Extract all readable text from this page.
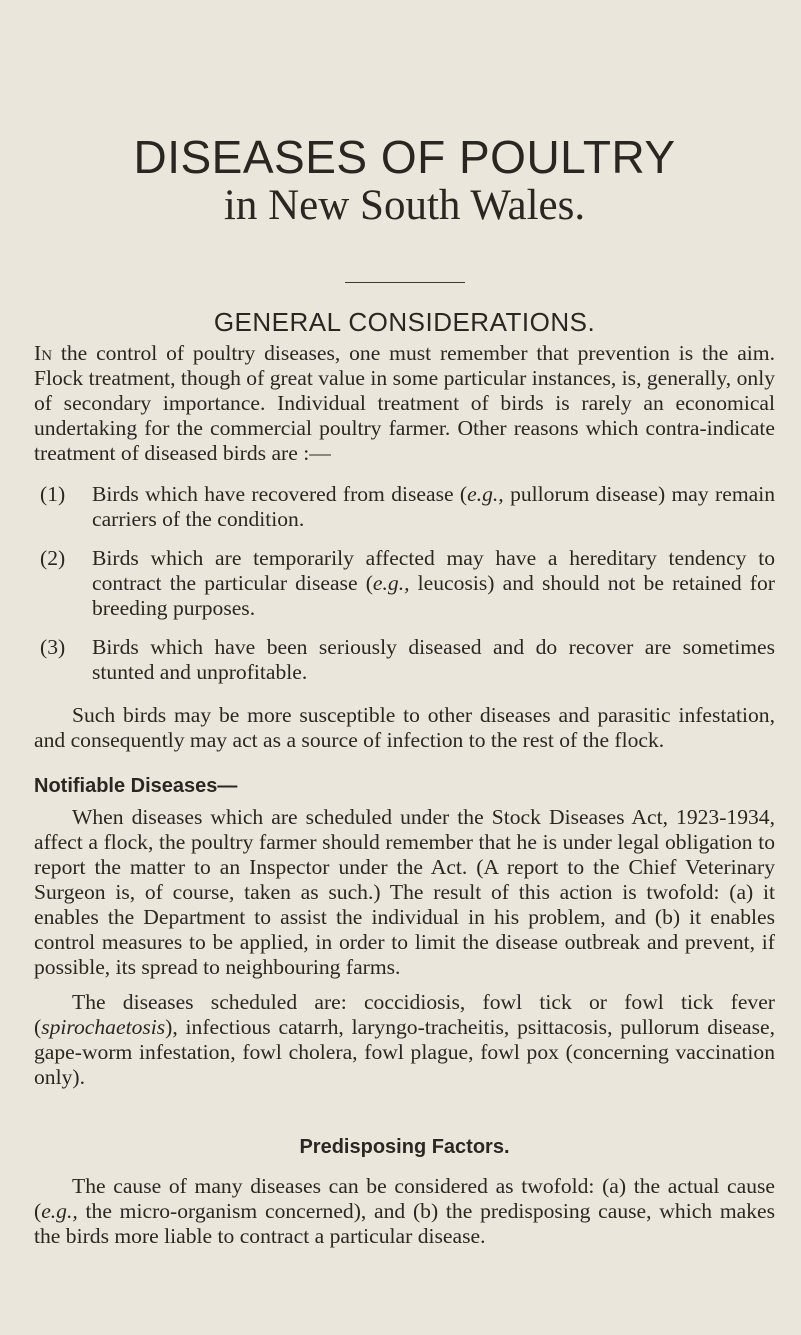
DISEASES OF POULTRY
in New South Wales.
GENERAL CONSIDERATIONS.

In the control of poultry diseases, one must remember that prevention is the aim. Flock treatment, though of great value in some particular instances, is, generally, only of secondary importance. Individual treatment of birds is rarely an economical undertaking for the commercial poultry farmer. Other reasons which contra-indicate treatment of diseased birds are :—

(1) Birds which have recovered from disease (e.g., pullorum disease) may remain carriers of the condition.
(2) Birds which are temporarily affected may have a hereditary tendency to contract the particular disease (e.g., leucosis) and should not be retained for breeding purposes.
(3) Birds which have been seriously diseased and do recover are sometimes stunted and unprofitable.

Such birds may be more susceptible to other diseases and parasitic infestation, and consequently may act as a source of infection to the rest of the flock.

Notifiable Diseases—

When diseases which are scheduled under the Stock Diseases Act, 1923-1934, affect a flock, the poultry farmer should remember that he is under legal obligation to report the matter to an Inspector under the Act. (A report to the Chief Veterinary Surgeon is, of course, taken as such.) The result of this action is twofold: (a) it enables the Department to assist the individual in his problem, and (b) it enables control measures to be applied, in order to limit the disease outbreak and prevent, if possible, its spread to neighbouring farms.

The diseases scheduled are: coccidiosis, fowl tick or fowl tick fever (spirochaetosis), infectious catarrh, laryngo-tracheitis, psittacosis, pullorum disease, gape-worm infestation, fowl cholera, fowl plague, fowl pox (concerning vaccination only).

Predisposing Factors.

The cause of many diseases can be considered as twofold: (a) the actual cause (e.g., the micro-organism concerned), and (b) the predisposing cause, which makes the birds more liable to contract a particular disease.
